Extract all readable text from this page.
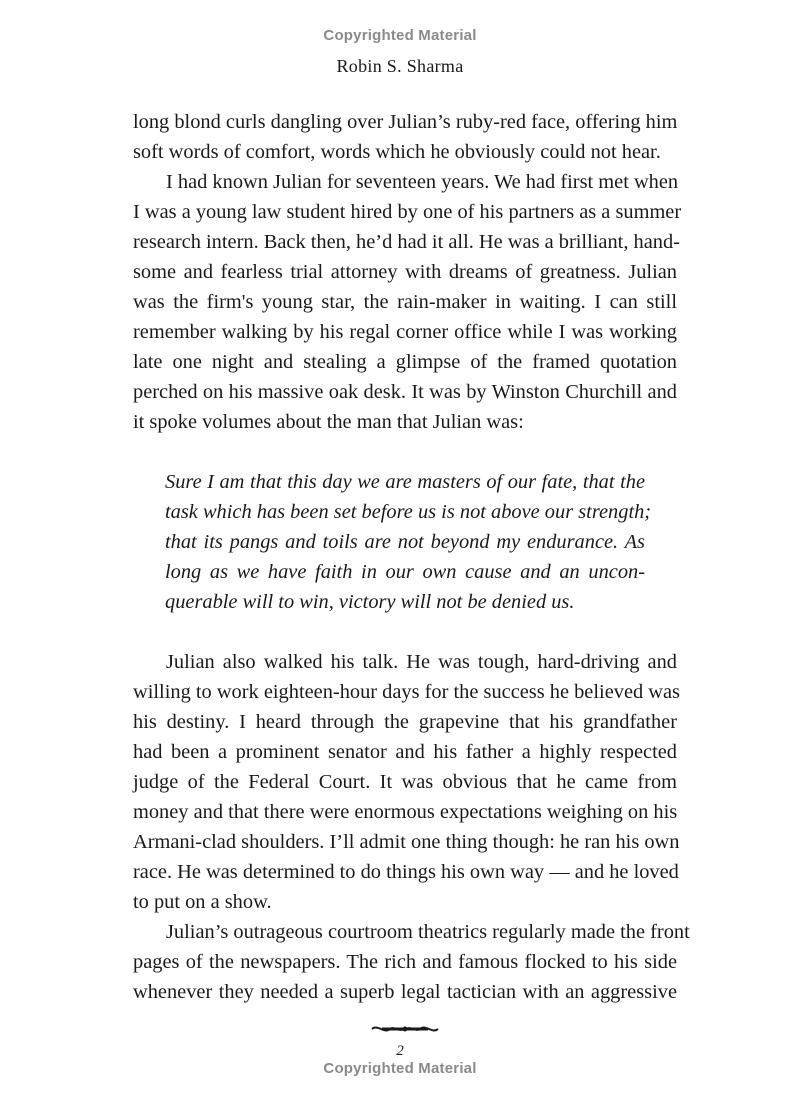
Copyrighted Material
Robin S. Sharma
long blond curls dangling over Julian’s ruby-red face, offering him
soft words of comfort, words which he obviously could not hear.
I had known Julian for seventeen years. We had first met when
I was a young law student hired by one of his partners as a summer
research intern. Back then, he’d had it all. He was a brilliant, hand-
some and fearless trial attorney with dreams of greatness. Julian
was the firm's young star, the rain-maker in waiting. I can still
remember walking by his regal corner office while I was working
late one night and stealing a glimpse of the framed quotation
perched on his massive oak desk. It was by Winston Churchill and
it spoke volumes about the man that Julian was:
Sure I am that this day we are masters of our fate, that the
task which has been set before us is not above our strength;
that its pangs and toils are not beyond my endurance. As
long as we have faith in our own cause and an uncon-
querable will to win, victory will not be denied us.
Julian also walked his talk. He was tough, hard-driving and
willing to work eighteen-hour days for the success he believed was
his destiny. I heard through the grapevine that his grandfather
had been a prominent senator and his father a highly respected
judge of the Federal Court. It was obvious that he came from
money and that there were enormous expectations weighing on his
Armani-clad shoulders. I’ll admit one thing though: he ran his own
race. He was determined to do things his own way — and he loved
to put on a show.
Julian’s outrageous courtroom theatrics regularly made the front
pages of the newspapers. The rich and famous flocked to his side
whenever they needed a superb legal tactician with an aggressive
2
Copyrighted Material
